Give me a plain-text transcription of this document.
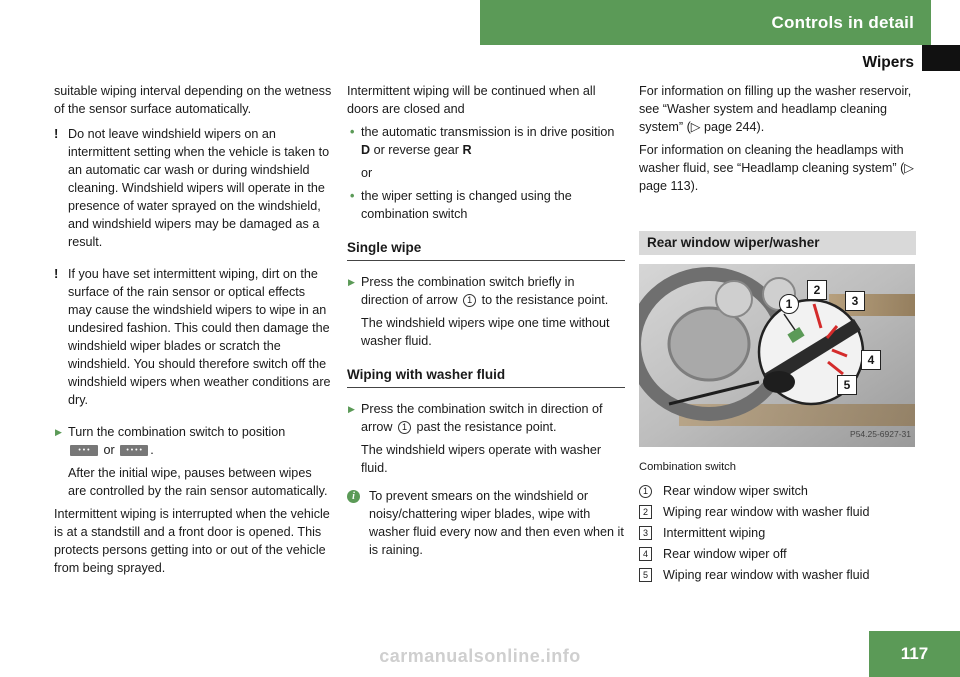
Controls in detail
Wipers

suitable wiping interval depending on the wetness of the sensor surface automatically.

! Do not leave windshield wipers on an intermittent setting when the vehicle is taken to an automatic car wash or during windshield cleaning. Windshield wipers will operate in the presence of water sprayed on the windshield, and windshield wipers may be damaged as a result.
! If you have set intermittent wiping, dirt on the surface of the rain sensor or optical effects may cause the windshield wipers to wipe in an undesired fashion. This could then damage the windshield wiper blades or scratch the windshield. You should therefore switch off the windshield wipers when weather conditions are dry.
▶ Turn the combination switch to position
• • • or • • • •	.
After the initial wipe, pauses between wipes are controlled by the rain sensor automatically.

Intermittent wiping is interrupted when the vehicle is at a standstill and a front door is opened. This protects persons getting into or out of the vehicle from being sprayed.

Intermittent wiping will be continued when all doors are closed and

• the automatic transmission is in drive position D or reverse gear R
or
• the wiper setting is changed using the combination switch
Single wipe
▶ Press the combination switch briefly in direction of arrow 1 to the resistance point.
The windshield wipers wipe one time without washer fluid.
Wiping with washer fluid
▶ Press the combination switch in direction of arrow 1 past the resistance point.
The windshield wipers operate with washer fluid.
i	To prevent smears on the windshield or noisy/chattering wiper blades, wipe with washer fluid every now and then even when it is raining.

For information on filling up the washer reservoir, see “Washer system and headlamp cleaning system” (▷ page 244).

For information on cleaning the headlamps with washer fluid, see “Headlamp cleaning system” (▷ page 113).

Rear window wiper/washer
1
2
3
4
5
P54.25-6927-31
Combination switch
1	Rear window wiper switch
2	Wiping rear window with washer fluid
3	Intermittent wiping
4	Rear window wiper off
5	Wiping rear window with washer fluid
117
carmanualsonline.info
